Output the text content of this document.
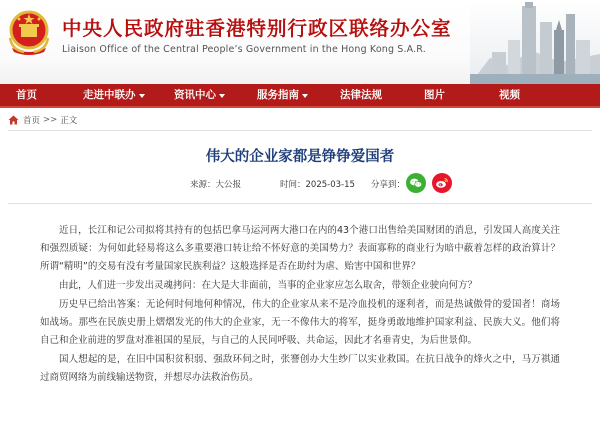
中央人民政府驻香港特别行政区联络办公室
Liaison Office of the Central People’s Government in the Hong Kong S.A.R.
首页	走进中联办	资讯中心	服务指南	法律法规	图片	视频
首页 >> 正文
伟大的企业家都是铮铮爱国者
来源：大公报	时间：2025-03-15 分享到：

近日，长江和记公司拟将其持有的包括巴拿马运河两大港口在内的43个港口出售给美国财团的消息，引发国人高度关注和强烈质疑：为何如此轻易将这么多重要港口转让给不怀好意的美国势力？表面寡称的商业行为暗中蔽着怎样的政治算计？所谓“精明”的交易有没有考量国家民族利益？这般选择是否在助纣为虐、贻害中国和世界？

由此，人们进一步发出灵魂拷问：在大是大非面前，当事的企业家应怎么取舍，带领企业驶向何方？

历史早已给出答案：无论何时何地何种情况，伟大的企业家从来不是冷血投机的逐利者，而是热诚傲骨的爱国者！商场如战场。那些在民族史册上熠熠发光的伟大的企业家，无一不像伟大的将军，挺身勇敢地维护国家利益、民族大义。他们将自己和企业前进的罗盘对准祖国的星辰，与自己的人民同呼吸、共命运，因此才名垂青史，为后世景仰。

国人想起的是，在旧中国积贫积弱、强敌环伺之时，张謇创办大生纱厂以实业救国。在抗日战争的烽火之中，马万祺通过商贸网络为前线输送物资，并想尽办法救治伤员。
